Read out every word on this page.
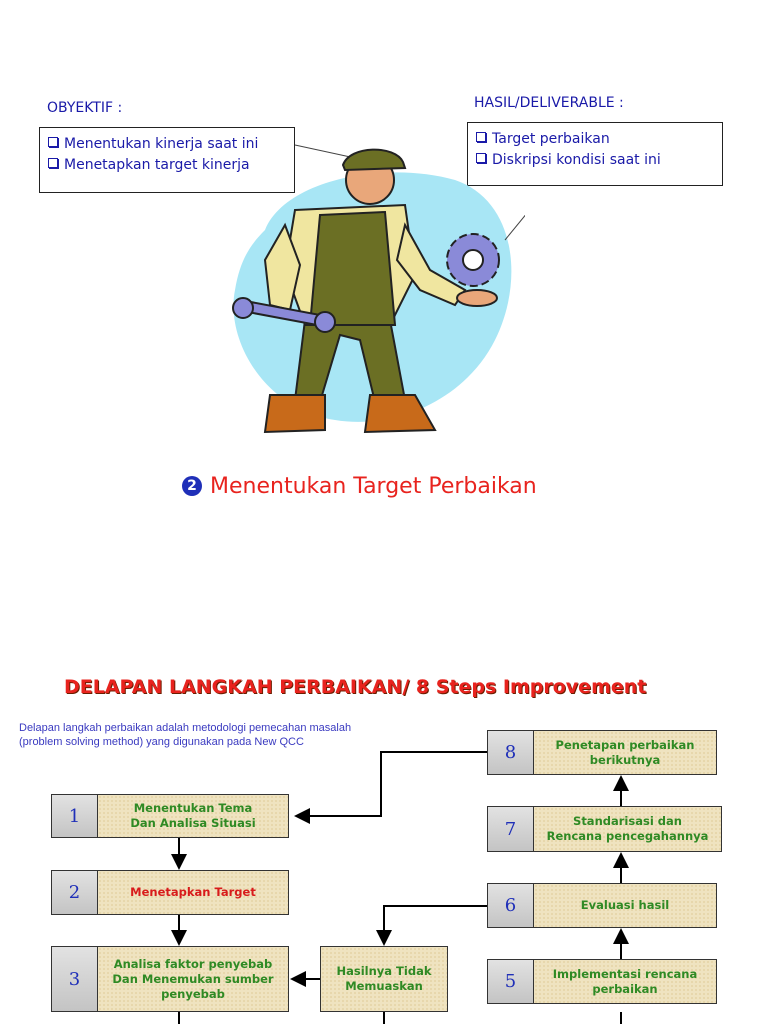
OBYEKTIF :
Menentukan kinerja saat ini
Menetapkan target kinerja
HASIL/DELIVERABLE :
Target perbaikan
Diskripsi kondisi saat ini
2 Menentukan Target Perbaikan
DELAPAN LANGKAH PERBAIKAN/ 8 Steps Improvement
Delapan langkah perbaikan adalah metodologi pemecahan masalah
(problem solving method) yang digunakan pada New QCC
1	Menentukan Tema
Dan Analisa Situasi
2	Menetapkan Target
3
Analisa faktor penyebab
Dan Menemukan sumber
penyebab
Hasilnya Tidak
Memuaskan	5	Implementasi rencana
perbaikan
6	Evaluasi hasil
7	Standarisasi dan
Rencana pencegahannya
8	Penetapan perbaikan
berikutnya
